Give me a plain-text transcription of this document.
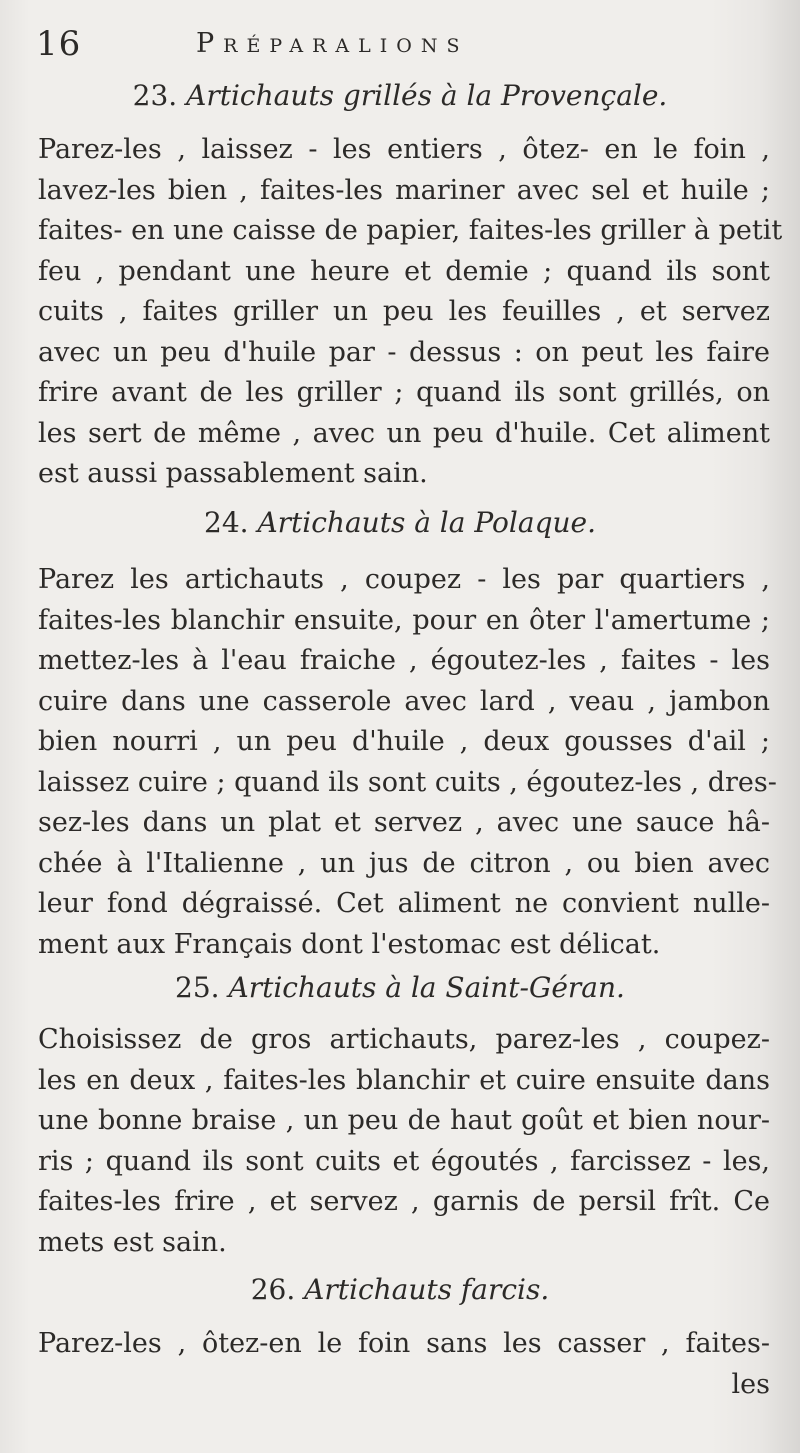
16	Préparalions
23. Artichauts grillés à la Provençale.
Parez-les , laissez - les entiers , ôtez- en le foin ,
lavez-les bien , faites-les mariner avec sel et huile ;
faites- en une caisse de papier, faites-les griller à petit
feu , pendant une heure et demie ; quand ils sont
cuits , faites griller un peu les feuilles , et servez
avec un peu d'huile par - dessus : on peut les faire
frire avant de les griller ; quand ils sont grillés, on
les sert de même , avec un peu d'huile. Cet aliment
est aussi passablement sain.
24. Artichauts à la Polaque.
Parez les artichauts , coupez - les par quartiers ,
faites-les blanchir ensuite, pour en ôter l'amertume ;
mettez-les à l'eau fraiche , égoutez-les , faites - les
cuire dans une casserole avec lard , veau , jambon
bien nourri , un peu d'huile , deux gousses d'ail ;
laissez cuire ; quand ils sont cuits , égoutez-les , dres-
sez-les dans un plat et servez , avec une sauce hâ-
chée à l'Italienne , un jus de citron , ou bien avec
leur fond dégraissé. Cet aliment ne convient nulle-
ment aux Français dont l'estomac est délicat.
25. Artichauts à la Saint-Géran.
Choisissez de gros artichauts, parez-les , coupez-
les en deux , faites-les blanchir et cuire ensuite dans
une bonne braise , un peu de haut goût et bien nour-
ris ; quand ils sont cuits et égoutés , farcissez - les,
faites-les frire , et servez , garnis de persil frît. Ce
mets est sain.
26. Artichauts farcis.
Parez-les , ôtez-en le foin sans les casser , faites-
les
